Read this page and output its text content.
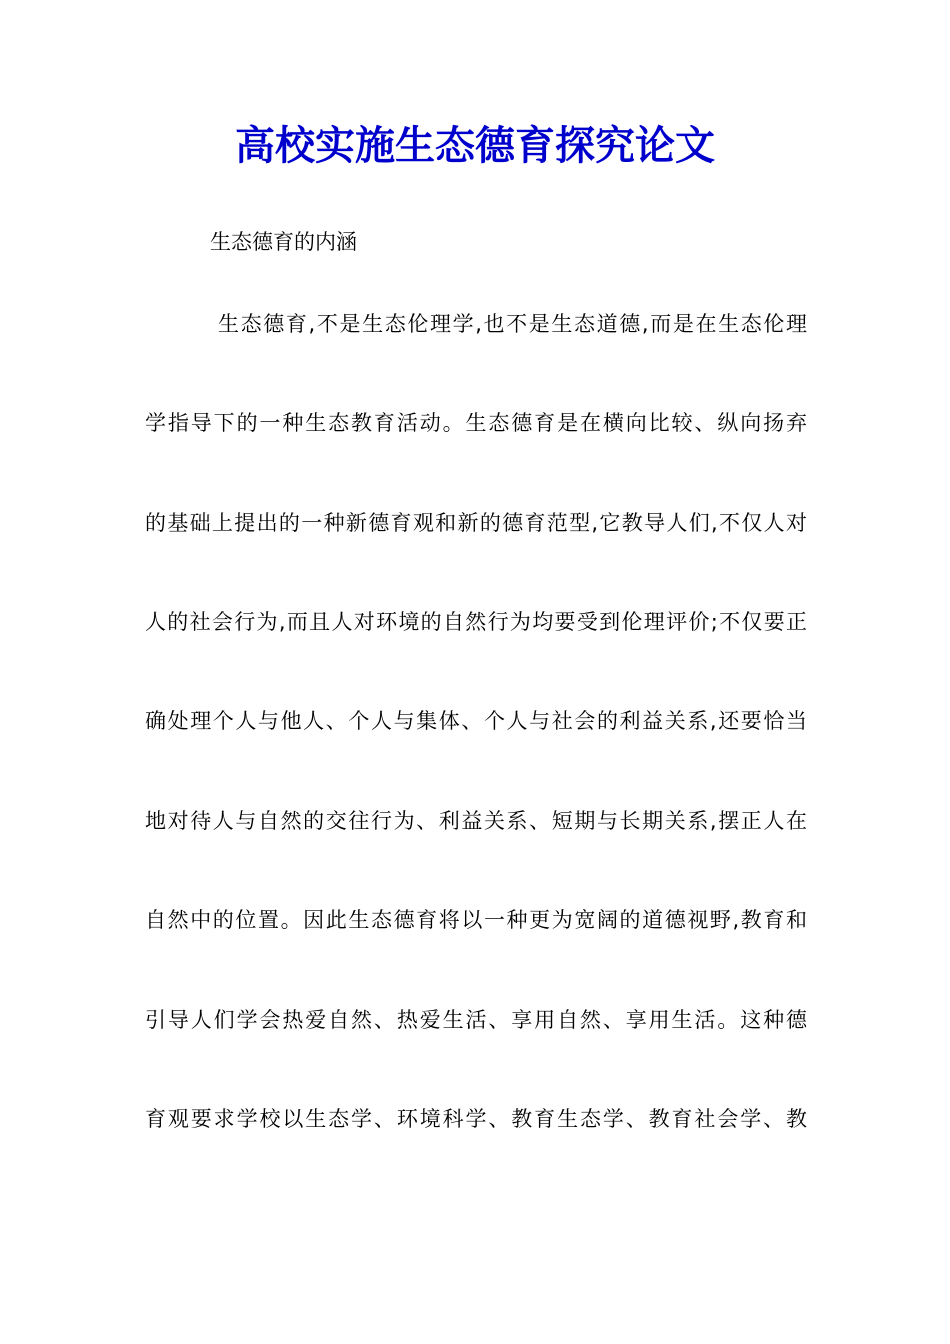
高校实施生态德育探究论文

生态德育的内涵

生态德育,不是生态伦理学,也不是生态道德,而是在生态伦理

学指导下的一种生态教育活动。生态德育是在横向比较、纵向扬弃

的基础上提出的一种新德育观和新的德育范型,它教导人们,不仅人对

人的社会行为,而且人对环境的自然行为均要受到伦理评价;不仅要正

确处理个人与他人、个人与集体、个人与社会的利益关系,还要恰当

地对待人与自然的交往行为、利益关系、短期与长期关系,摆正人在

自然中的位置。因此生态德育将以一种更为宽阔的道德视野,教育和

引导人们学会热爱自然、热爱生活、享用自然、享用生活。这种德

育观要求学校以生态学、环境科学、教育生态学、教育社会学、教
